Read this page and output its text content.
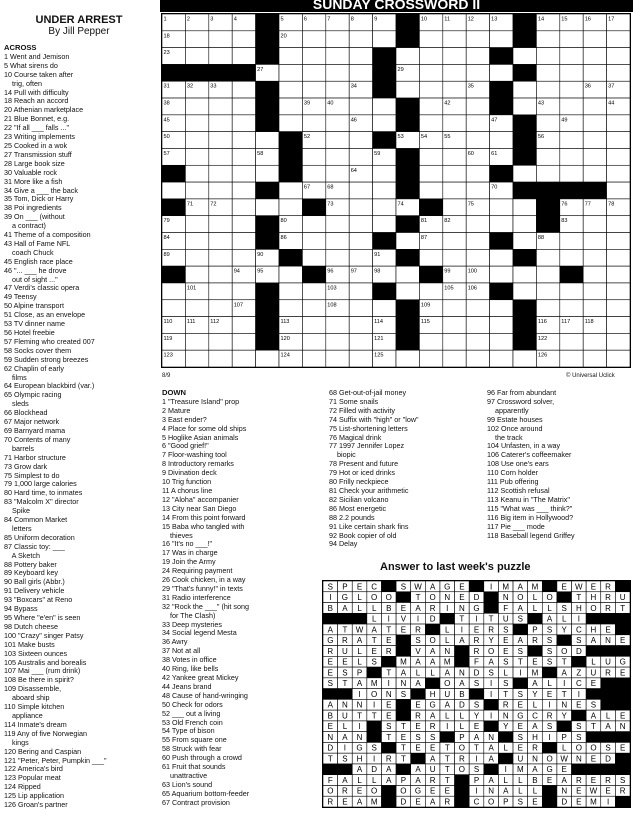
SUNDAY CROSSWORD II
UNDER ARREST
By Jill Pepper
ACROSS
1 Went and Jemison
5 What sirens do
10 Course taken after
trig, often
14 Pull with difficulty
18 Reach an accord
20 Athenian marketplace
21 Blue Bonnet, e.g.
22 "If all ___ falls ..."
23 Writing implements
25 Cooked in a wok
27 Transmission stuff
28 Large book size
30 Valuable rock
31 More like a fish
34 Give a ___ the back
35 Tom, Dick or Harry
38 Poi ingredients
39 On ___ (without
a contract)
41 Theme of a composition
43 Hall of Fame NFL
coach Chuck
45 English race place
46 "... ___ he drove
out of sight ..."
47 Verdi's classic opera
49 Teensy
50 Alpine transport
51 Close, as an envelope
53 TV dinner name
56 Hotel freebie
57 Fleming who created 007
58 Socks cover them
59 Sudden strong breezes
62 Chaplin of early
films
64 European blackbird (var.)
65 Olympic racing
sleds
66 Blockhead
67 Major network
69 Barnyard mama
70 Contents of many
barrels
71 Harbor structure
73 Grow dark
75 Simplest to do
79 1,000 large calories
80 Hard time, to inmates
83 "Malcolm X" director
Spike
84 Common Market
letters
85 Uniform decoration
87 Classic toy: ___
A Sketch
88 Pottery baker
89 Keyboard key
90 Ball girls (Abbr.)
91 Delivery vehicle
93 "Boxcars" at Reno
94 Bypass
95 Where "e'en" is seen
98 Dutch cheese
100 "Crazy" singer Patsy
101 Make busts
103 Sixteen ounces
105 Australis and borealis
107 Mai ___ (rum drink)
108 Be there in spirit?
109 Disassemble,
aboard ship
110 Simple kitchen
appliance
114 Inmate's dream
119 Any of five Norwegian
kings
120 Bering and Caspian
121 "Peter, Peter, Pumpkin ___"
122 America's bird
123 Popular meat
124 Ripped
125 Lip application
126 Groan's partner
1	2	3	4	5	6	7	8	9	10	11	12	13	14	15	16	17
18	20
23
27	29
31	32	33	34	35	36	37
38	39	40	42	43	44
45	46	47	49
50	52	53	54	55	56
57	58	59	60	61
64
67	68	70
71	72	73	74	75	76	77	78
79	80	81	82	83
84	86	87	88
89	90	91
94	95	96	97	98	99	100
101	103	105	106
107	108	109
110	111	112	113	114	115	116	117	118
119	120	121	122
123	124	125	126
8/9	© Universal Uclick
DOWN
1 "Treasure Island" prop
2 Mature
3 East ender?
4 Place for some old ships
5 Hoglike Asian animals
6 "Good grief!"
7 Floor-washing tool
8 Introductory remarks
9 Divination deck
10 Trig function
11 A chorus line
12 "Aloha" accompanier
13 City near San Diego
14 From this point forward
15 Baba who tangled with
thieves
16 "It's no ___!"
17 Was in charge
19 Join the Army
24 Requiring payment
26 Cook chicken, in a way
29 "That's funny!" in texts
31 Radio interference
32 "Rock the ___" (hit song
for The Clash)
33 Deep mysteries
34 Social legend Mesta
36 Awry
37 Not at all
38 Votes in office
40 Ring, like bells
42 Yankee great Mickey
44 Jeans brand
48 Cause of hand-wringing
50 Check for odors
52 ___ out a living
53 Old French coin
54 Type of bison
55 From square one
58 Struck with fear
60 Push through a crowd
61 Fruit that sounds
unattractive
63 Lion's sound
65 Aquarium bottom-feeder
67 Contract provision
68 Get-out-of-jail money
71 Some snails
72 Filled with activity
74 Suffix with "high" or "low"
75 List-shortening letters
76 Magical drink
77 1997 Jennifer Lopez
biopic
78 Present and future
79 Hot or iced drinks
80 Frilly neckpiece
81 Check your arithmetic
82 Sicilian volcano
86 Most energetic
88 2.2 pounds
91 Like certain shark fins
92 Book copier of old
94 Delay
96 Far from abundant
97 Crossword solver,
apparently
99 Estate houses
102 Once around
the track
104 Unfasten, in a way
106 Caterer's coffeemaker
108 Use one's ears
110 Corn holder
111 Pub offering
112 Scottish refusal
113 Keanu in "The Matrix"
115 "What was ___ think?"
116 Big item in Hollywood?
117 Pie ___ mode
118 Baseball legend Griffey
Answer to last week's puzzle
S P E C	S W A G E	I M A M	E W E R
I G L O O	T O N E D	N O L O	T H R U
B A L L B E A R I N G	F A L L S H O R T
L I V I D	T I T U S	A L I
A T W A T E R	L I E R S	P S Y C H E
G R A T E	S O L A R Y E A R S	S A N E
R U L E R	V A N	R O E S	S O D
E E L S	M A A M	F A S T E S T	L U G
E S P	T A L L A N D S L I M	A Z U R E
S T A M I N A	O A S I S	A L I C E
I O N S	H U B	I T S Y E T I
A N N I E	E G A D S	R E L I N E S
B U T T E	R A L L Y I N G C R Y	A L E
E L I	S T E R I L E	Y E A S	S T A N
N A N	T E S S	P A N	S H I P S
D I G S	T E E T O T A L E R	L O O S E
T S H I R T	A T R I A	U N O W N E D
A D A	A U T O S	I M A G E
F A L L A P A R T	P A L L B E A R E R S
O R E O	O G E E	I N A L L	N E W E R
R E A M	D E A R	C O P S E	D E M I
